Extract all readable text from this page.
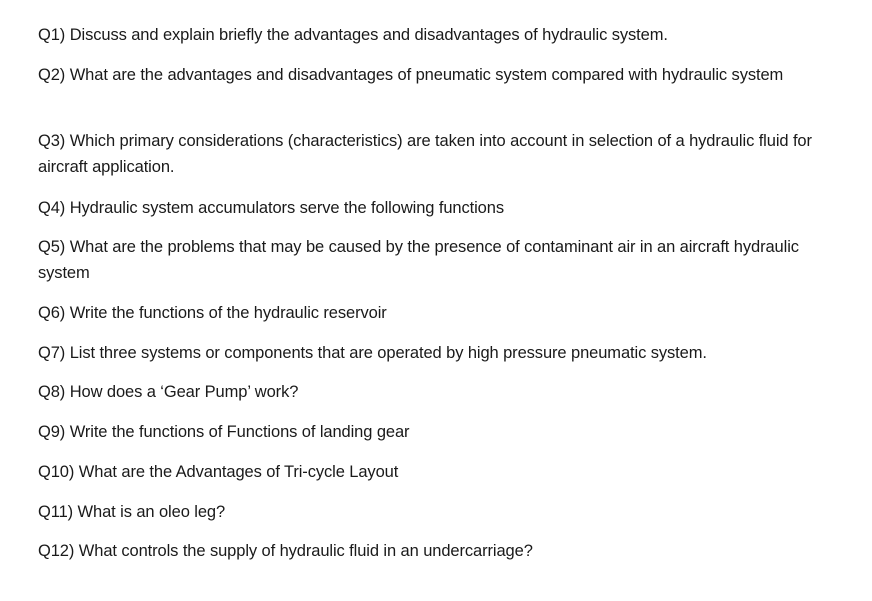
Q1) Discuss and explain briefly the advantages and disadvantages of hydraulic system.

Q2) What are the advantages and disadvantages of pneumatic system compared with hydraulic system

Q3) Which primary considerations (characteristics) are taken into account in selection of a hydraulic fluid for aircraft application.

Q4) Hydraulic system accumulators serve the following functions

Q5) What are the problems that may be caused by the presence of contaminant air in an aircraft hydraulic system

Q6) Write the functions of the hydraulic reservoir

Q7) List three systems or components that are operated by high pressure pneumatic system.

Q8) How does a ‘Gear Pump’ work?

Q9) Write the functions of Functions of landing gear

Q10) What are the Advantages of Tri-cycle Layout

Q11) What is an oleo leg?

Q12) What controls the supply of hydraulic fluid in an undercarriage?
